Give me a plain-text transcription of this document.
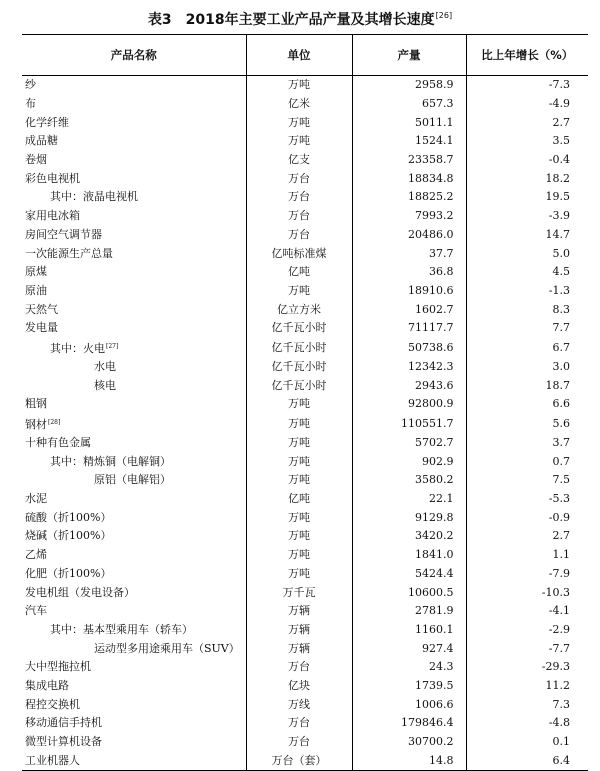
表3　2018年主要工业产品产量及其增长速度[26]
产品名称	单位	产量	比上年增长（%）
纱	万吨	2958.9	-7.3
布	亿米	657.3	-4.9
化学纤维	万吨	5011.1	2.7
成品糖	万吨	1524.1	3.5
卷烟	亿支	23358.7	-0.4
彩色电视机	万台	18834.8	18.2
其中：液晶电视机	万台	18825.2	19.5
家用电冰箱	万台	7993.2	-3.9
房间空气调节器	万台	20486.0	14.7
一次能源生产总量	亿吨标准煤	37.7	5.0
原煤	亿吨	36.8	4.5
原油	万吨	18910.6	-1.3
天然气	亿立方米	1602.7	8.3
发电量	亿千瓦小时	71117.7	7.7
其中：火电[27]	亿千瓦小时	50738.6	6.7
水电	亿千瓦小时	12342.3	3.0
核电	亿千瓦小时	2943.6	18.7
粗钢	万吨	92800.9	6.6
钢材[28]	万吨	110551.7	5.6
十种有色金属	万吨	5702.7	3.7
其中：精炼铜（电解铜）	万吨	902.9	0.7
原铝（电解铝）	万吨	3580.2	7.5
水泥	亿吨	22.1	-5.3
硫酸（折100%）	万吨	9129.8	-0.9
烧碱（折100%）	万吨	3420.2	2.7
乙烯	万吨	1841.0	1.1
化肥（折100%）	万吨	5424.4	-7.9
发电机组（发电设备）	万千瓦	10600.5	-10.3
汽车	万辆	2781.9	-4.1
其中：基本型乘用车（轿车）	万辆	1160.1	-2.9
运动型多用途乘用车（SUV）	万辆	927.4	-7.7
大中型拖拉机	万台	24.3	-29.3
集成电路	亿块	1739.5	11.2
程控交换机	万线	1006.6	7.3
移动通信手持机	万台	179846.4	-4.8
微型计算机设备	万台	30700.2	0.1
工业机器人	万台（套）	14.8	6.4
